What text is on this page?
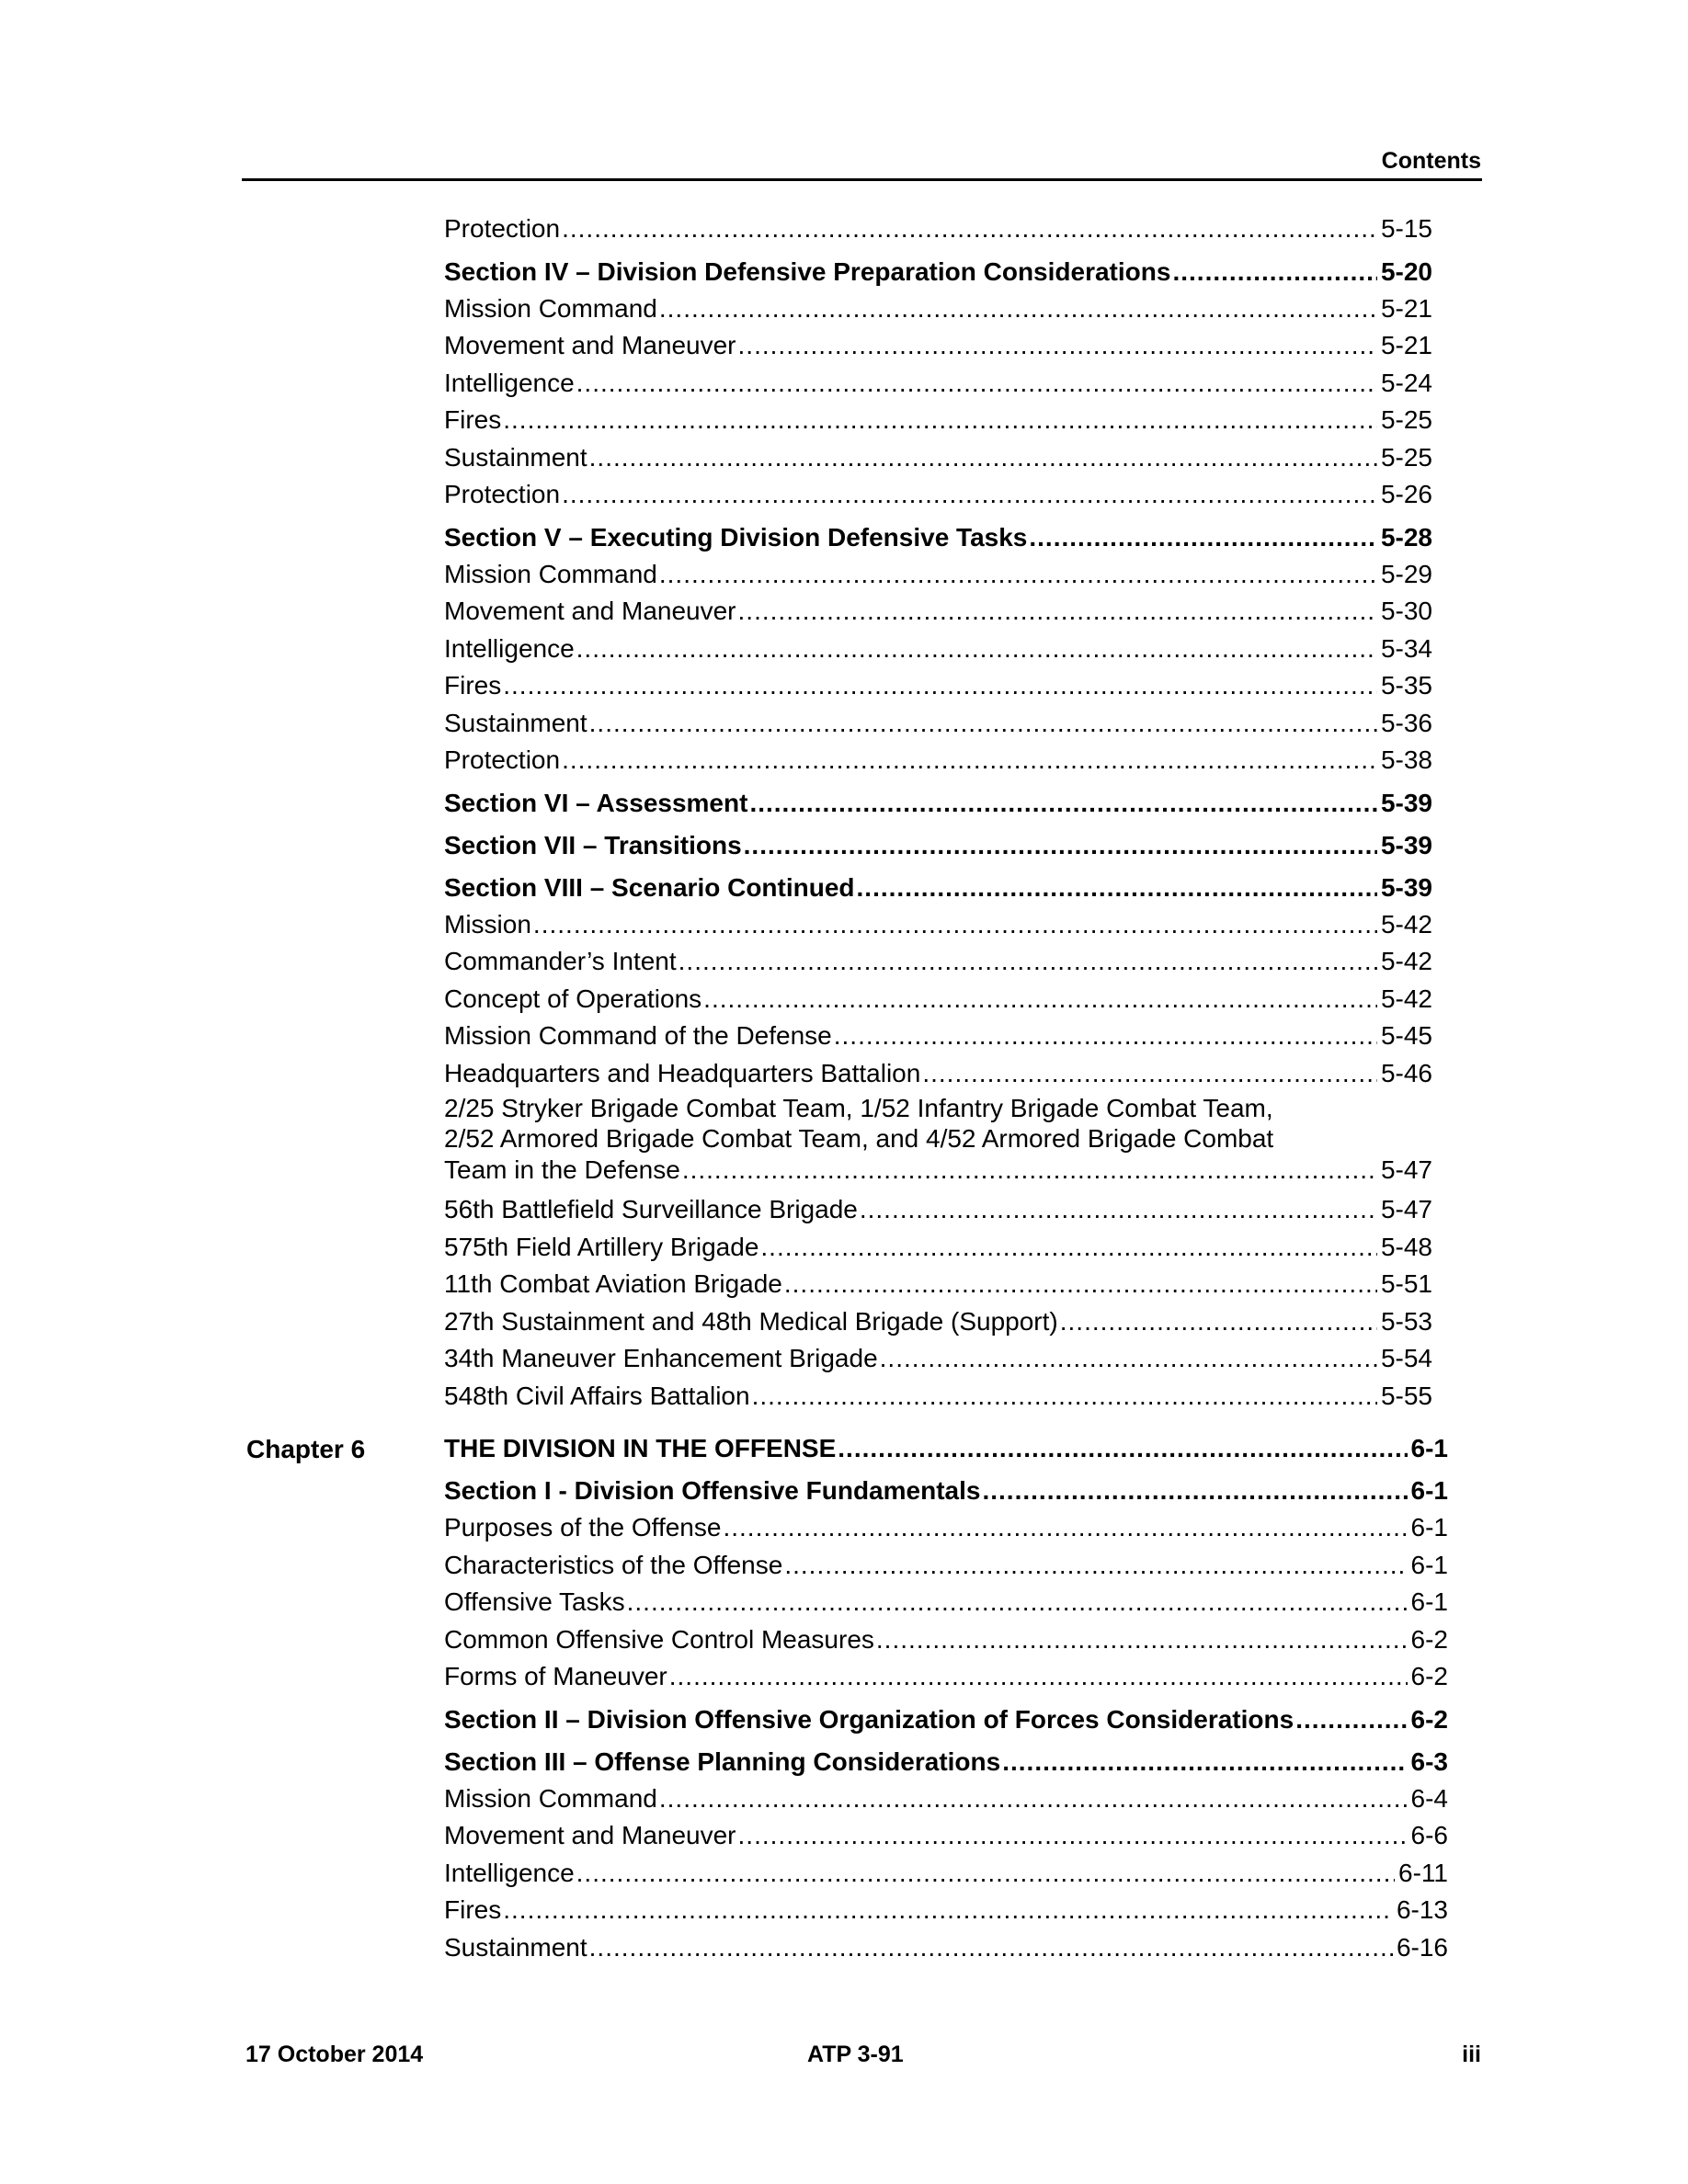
Contents
Protection .....	5-15
Section IV – Division Defensive Preparation Considerations .....	5-20
Mission Command .....	5-21
Movement and Maneuver .....	5-21
Intelligence .....	5-24
Fires .....	5-25
Sustainment .....	5-25
Protection .....	5-26
Section V – Executing Division Defensive Tasks .....	5-28
Mission Command .....	5-29
Movement and Maneuver .....	5-30
Intelligence .....	5-34
Fires .....	5-35
Sustainment .....	5-36
Protection .....	5-38
Section VI – Assessment .....	5-39
Section VII – Transitions .....	5-39
Section VIII – Scenario Continued .....	5-39
Mission .....	5-42
Commander’s Intent .....	5-42
Concept of Operations .....	5-42
Mission Command of the Defense .....	5-45
Headquarters and Headquarters Battalion .....	5-46
2/25 Stryker Brigade Combat Team, 1/52 Infantry Brigade Combat Team,
2/52 Armored Brigade Combat Team, and 4/52 Armored Brigade Combat
Team in the Defense .....	5-47
56th Battlefield Surveillance Brigade .....	5-47
575th Field Artillery Brigade .....	5-48
11th Combat Aviation Brigade .....	5-51
27th Sustainment and 48th Medical Brigade (Support) .....	5-53
34th Maneuver Enhancement Brigade .....	5-54
548th Civil Affairs Battalion .....	5-55
Chapter 6	THE DIVISION IN THE OFFENSE .....	6-1
Section I - Division Offensive Fundamentals .....	6-1
Purposes of the Offense .....	6-1
Characteristics of the Offense .....	6-1
Offensive Tasks .....	6-1
Common Offensive Control Measures .....	6-2
Forms of Maneuver .....	6-2
Section II – Division Offensive Organization of Forces Considerations .....	6-2
Section III – Offense Planning Considerations .....	6-3
Mission Command .....	6-4
Movement and Maneuver .....	6-6
Intelligence .....	6-11
Fires .....	6-13
Sustainment .....	6-16
17 October 2014	ATP 3-91	iii
